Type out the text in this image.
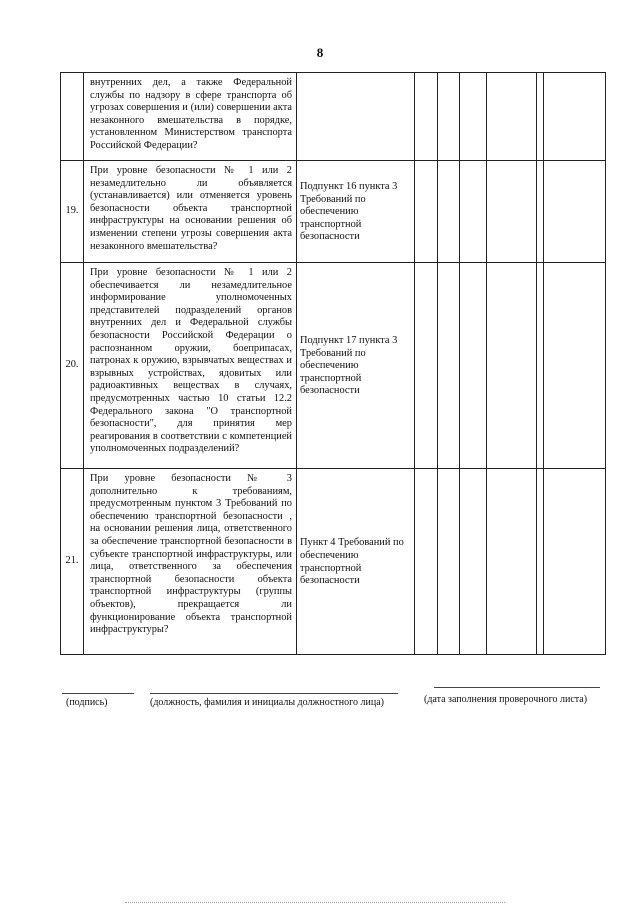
8
	внутренних дел, а также Федеральной службы по надзору в сфере транспорта об угрозах совершения и (или) совершении акта незаконного вмешательства в порядке, установленном Министерством транспорта Российской Федерации?							
19.	При уровне безопасности № 1 или 2 незамедлительно ли объявляется (устанавливается) или отменяется уровень безопасности объекта транспортной инфраструктуры на основании решения об изменении степени угрозы совершения акта незаконного вмешательства?	Подпункт 16 пункта 3 Требований по обеспечению транспортной безопасности						
20.	При уровне безопасности № 1 или 2 обеспечивается ли незамедлительное информирование уполномоченных представителей подразделений органов внутренних дел и Федеральной службы безопасности Российской Федерации о распознанном оружии, боеприпасах, патронах к оружию, взрывчатых веществах и взрывных устройствах, ядовитых или радиоактивных веществах в случаях, предусмотренных частью 10 статьи 12.2 Федерального закона "О транспортной безопасности", для принятия мер реагирования в соответствии с компетенцией уполномоченных подразделений?	Подпункт 17 пункта 3 Требований по обеспечению транспортной безопасности						
21.	При уровне безопасности № 3 дополнительно к требованиям, предусмотренным пунктом 3 Требований по обеспечению транспортной безопасности , на основании решения лица, ответственного за обеспечение транспортной безопасности в субъекте транспортной инфраструктуры, или лица, ответственного за обеспечения транспортной безопасности объекта транспортной инфраструктуры (группы объектов), прекращается ли функционирование объекта транспортной инфраструктуры?	Пункт 4 Требований по обеспечению транспортной безопасности						
(подпись)	(должность, фамилия и инициалы должностного лица)	(дата заполнения проверочного листа)
